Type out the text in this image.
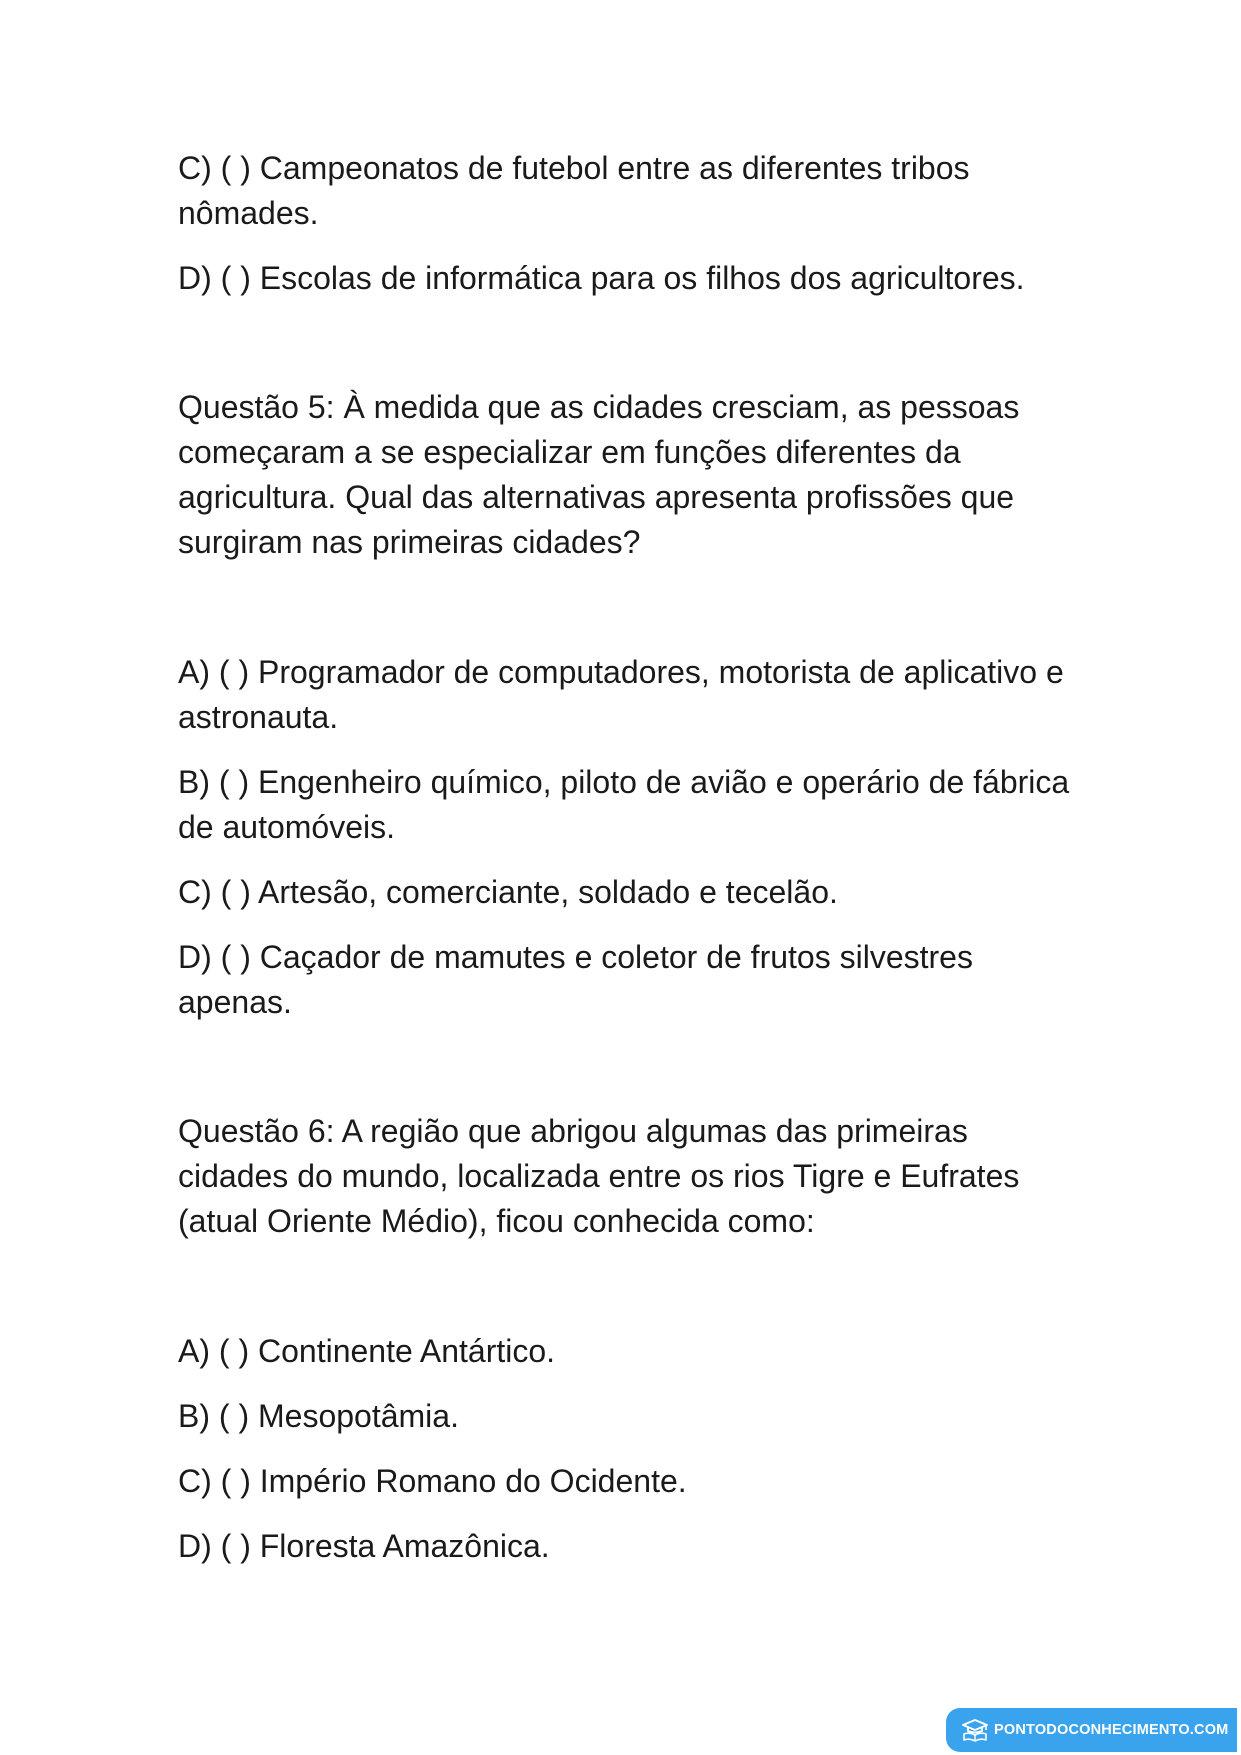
C) ( ) Campeonatos de futebol entre as diferentes tribos nômades.

D) ( ) Escolas de informática para os filhos dos agricultores.

Questão 5: À medida que as cidades cresciam, as pessoas começaram a se especializar em funções diferentes da agricultura. Qual das alternativas apresenta profissões que surgiram nas primeiras cidades?

A) ( ) Programador de computadores, motorista de aplicativo e astronauta.

B) ( ) Engenheiro químico, piloto de avião e operário de fábrica de automóveis.

C) ( ) Artesão, comerciante, soldado e tecelão.

D) ( ) Caçador de mamutes e coletor de frutos silvestres apenas.

Questão 6: A região que abrigou algumas das primeiras cidades do mundo, localizada entre os rios Tigre e Eufrates (atual Oriente Médio), ficou conhecida como:

A) ( ) Continente Antártico.

B) ( ) Mesopotâmia.

C) ( ) Império Romano do Ocidente.

D) ( ) Floresta Amazônica.

PONTODOCONHECIMENTO.COM
